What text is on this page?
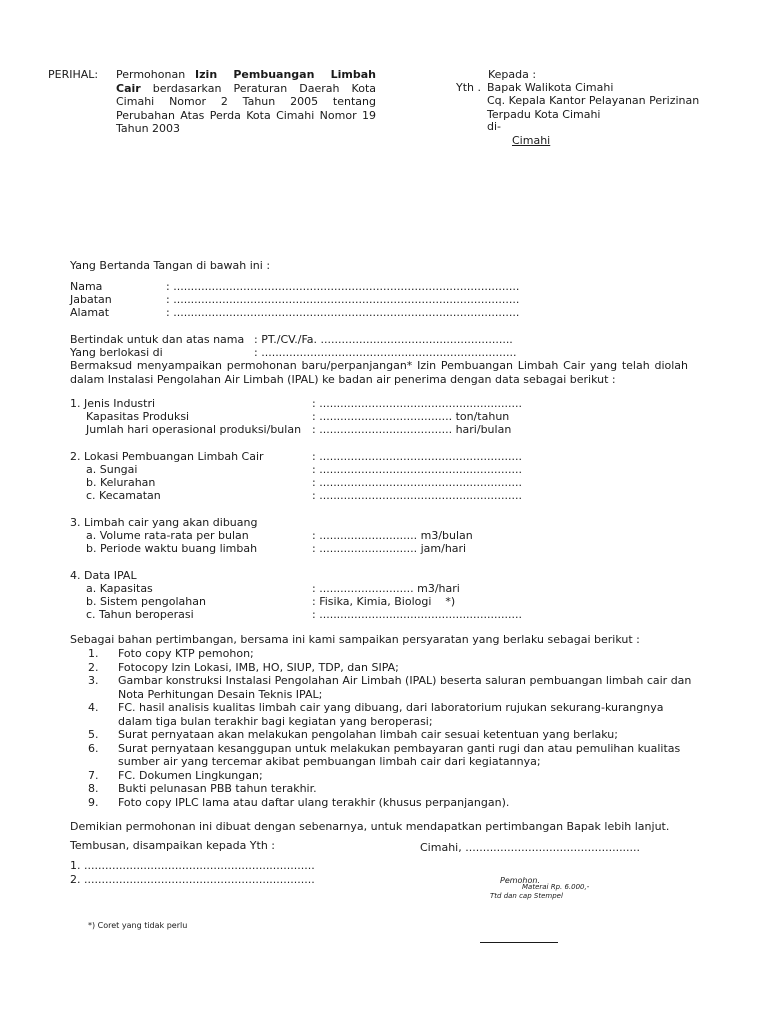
PERIHAL: Permohonan Izin Pembuangan Limbah Cair berdasarkan Peraturan Daerah Kota Cimahi Nomor 2 Tahun 2005 tentang Perubahan Atas Perda Kota Cimahi Nomor 19 Tahun 2003
Kepada :
Yth . Bapak Walikota Cimahi
Cq. Kepala Kantor Pelayanan Perizinan Terpadu Kota Cimahi
di-
Cimahi
Yang Bertanda Tangan di bawah ini :
Nama	: ...................................................................................................
Jabatan	: ...................................................................................................
Alamat	: ...................................................................................................
Bertindak untuk dan atas nama : PT./CV./Fa. .......................................................
Yang berlokasi di	: .........................................................................
Bermaksud menyampaikan permohonan baru/perpanjangan* Izin Pembuangan Limbah Cair yang telah diolah dalam Instalasi Pengolahan Air Limbah (IPAL) ke badan air penerima dengan data sebagai berikut :
1. Jenis Industri	: ..........................................................
Kapasitas Produksi	: ...................................... ton/tahun
Jumlah hari operasional produksi/bulan : ...................................... hari/bulan
2. Lokasi Pembuangan Limbah Cair	: ..........................................................
a. Sungai	: ..........................................................
b. Kelurahan	: ..........................................................
c. Kecamatan	: ..........................................................
3. Limbah cair yang akan dibuang
a. Volume rata-rata per bulan	: ............................ m3/bulan
b. Periode waktu buang limbah	: ............................ jam/hari
4. Data IPAL
a. Kapasitas	: ........................... m3/hari
b. Sistem pengolahan	: Fisika, Kimia, Biologi    *)
c. Tahun beroperasi	: ..........................................................
Sebagai bahan pertimbangan, bersama ini kami sampaikan persyaratan yang berlaku sebagai berikut :
1. Foto copy KTP pemohon;
2. Fotocopy Izin Lokasi, IMB, HO, SIUP, TDP, dan SIPA;
3. Gambar konstruksi Instalasi Pengolahan Air Limbah (IPAL) beserta saluran pembuangan limbah cair dan Nota Perhitungan Desain Teknis IPAL;
4. FC. hasil analisis kualitas limbah cair yang dibuang, dari laboratorium rujukan sekurang-kurangnya dalam tiga bulan terakhir bagi kegiatan yang beroperasi;
5. Surat pernyataan akan melakukan pengolahan limbah cair sesuai ketentuan yang berlaku;
6. Surat pernyataan kesanggupan untuk melakukan pembayaran ganti rugi dan atau pemulihan kualitas sumber air yang tercemar akibat pembuangan limbah cair dari kegiatannya;
7. FC. Dokumen Lingkungan;
8. Bukti pelunasan PBB tahun terakhir.
9. Foto copy IPLC lama atau daftar ulang terakhir (khusus perpanjangan).
Demikian permohonan ini dibuat dengan sebenarnya, untuk mendapatkan pertimbangan Bapak lebih lanjut.
Tembusan, disampaikan kepada Yth :
1. ..................................................................
2. ..................................................................
Cimahi, ..................................................
Pemohon.
Materai Rp. 6.000,-
Ttd dan cap Stempel
*) Coret yang tidak perlu
